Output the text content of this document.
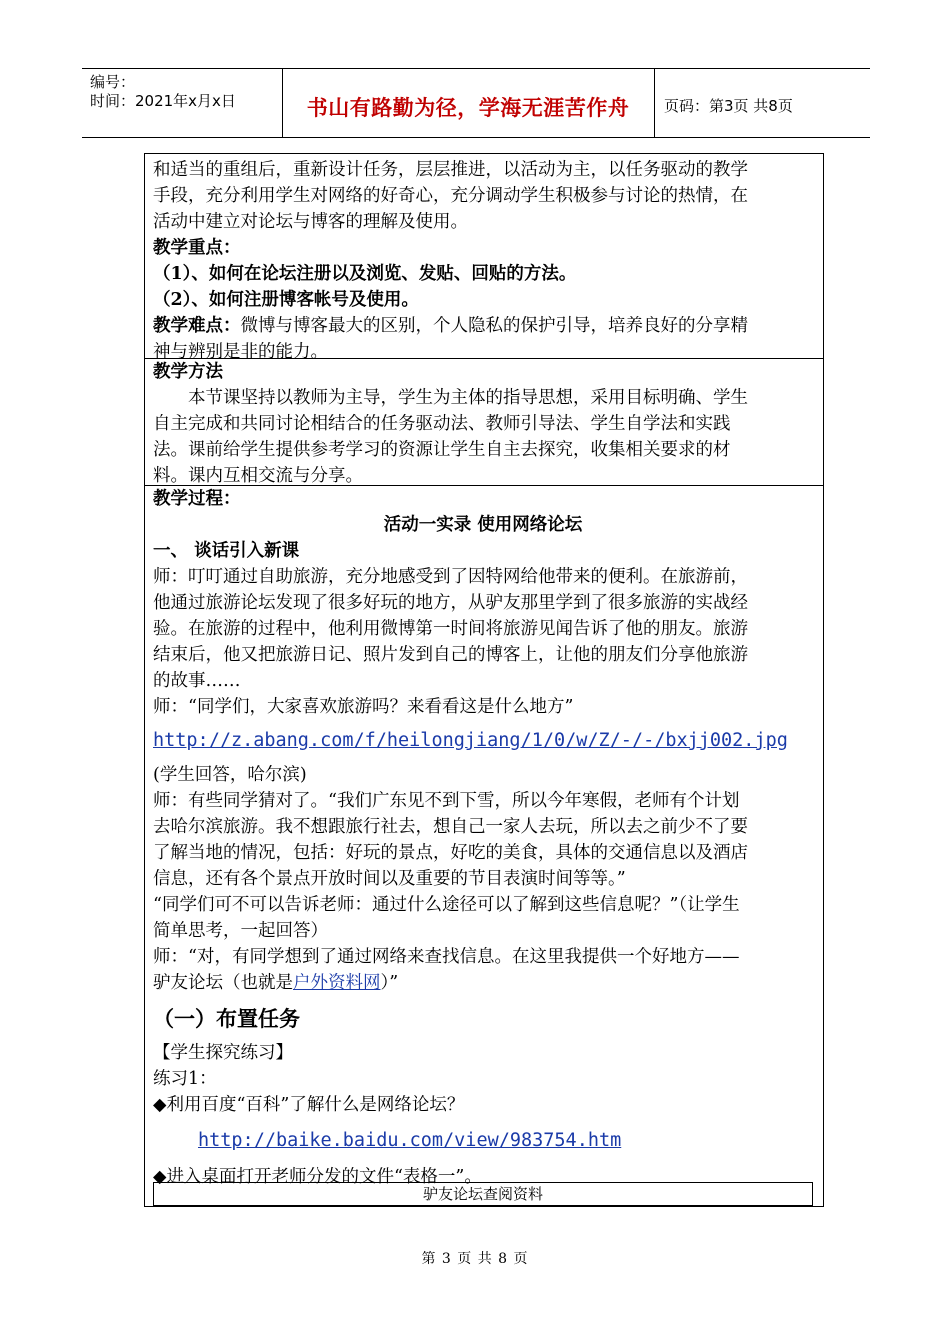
编号：
时间：2021年x月x日	书山有路勤为径，学海无涯苦作舟	页码：第3页 共8页

和适当的重组后，重新设计任务，层层推进，以活动为主，以任务驱动的教学

手段，充分利用学生对网络的好奇心，充分调动学生积极参与讨论的热情，在

活动中建立对论坛与博客的理解及使用。

教学重点：

（1）、如何在论坛注册以及浏览、发贴、回贴的方法。

（2）、如何注册博客帐号及使用。

教学难点：微博与博客最大的区别，个人隐私的保护引导，培养良好的分享精

神与辨别是非的能力。

教学方法

本节课坚持以教师为主导，学生为主体的指导思想，采用目标明确、学生

自主完成和共同讨论相结合的任务驱动法、教师引导法、学生自学法和实践

法。课前给学生提供参考学习的资源让学生自主去探究，收集相关要求的材

料。课内互相交流与分享。

教学过程：

活动一实录 使用网络论坛

一、 谈话引入新课

师：叮叮通过自助旅游，充分地感受到了因特网给他带来的便利。在旅游前，

他通过旅游论坛发现了很多好玩的地方，从驴友那里学到了很多旅游的实战经

验。在旅游的过程中，他利用微博第一时间将旅游见闻告诉了他的朋友。旅游

结束后，他又把旅游日记、照片发到自己的博客上，让他的朋友们分享他旅游

的故事……

师：“同学们，大家喜欢旅游吗？来看看这是什么地方”

http://z.abang.com/f/heilongjiang/1/0/w/Z/-/-/bxjj002.jpg

(学生回答，哈尔滨)

师：有些同学猜对了。“我们广东见不到下雪，所以今年寒假，老师有个计划

去哈尔滨旅游。我不想跟旅行社去，想自己一家人去玩，所以去之前少不了要

了解当地的情况，包括：好玩的景点，好吃的美食，具体的交通信息以及酒店

信息，还有各个景点开放时间以及重要的节目表演时间等等。”

“同学们可不可以告诉老师：通过什么途径可以了解到这些信息呢？”（让学生

简单思考，一起回答）

师：“对，有同学想到了通过网络来查找信息。在这里我提供一个好地方——

驴友论坛（也就是户外资料网）”

（一）布置任务

【学生探究练习】

练习1：

◆利用百度“百科”了解什么是网络论坛？

http://baike.baidu.com/view/983754.htm

◆进入桌面打开老师分发的文件“表格一”。

驴友论坛查阅资料
第 3 页 共 8 页
